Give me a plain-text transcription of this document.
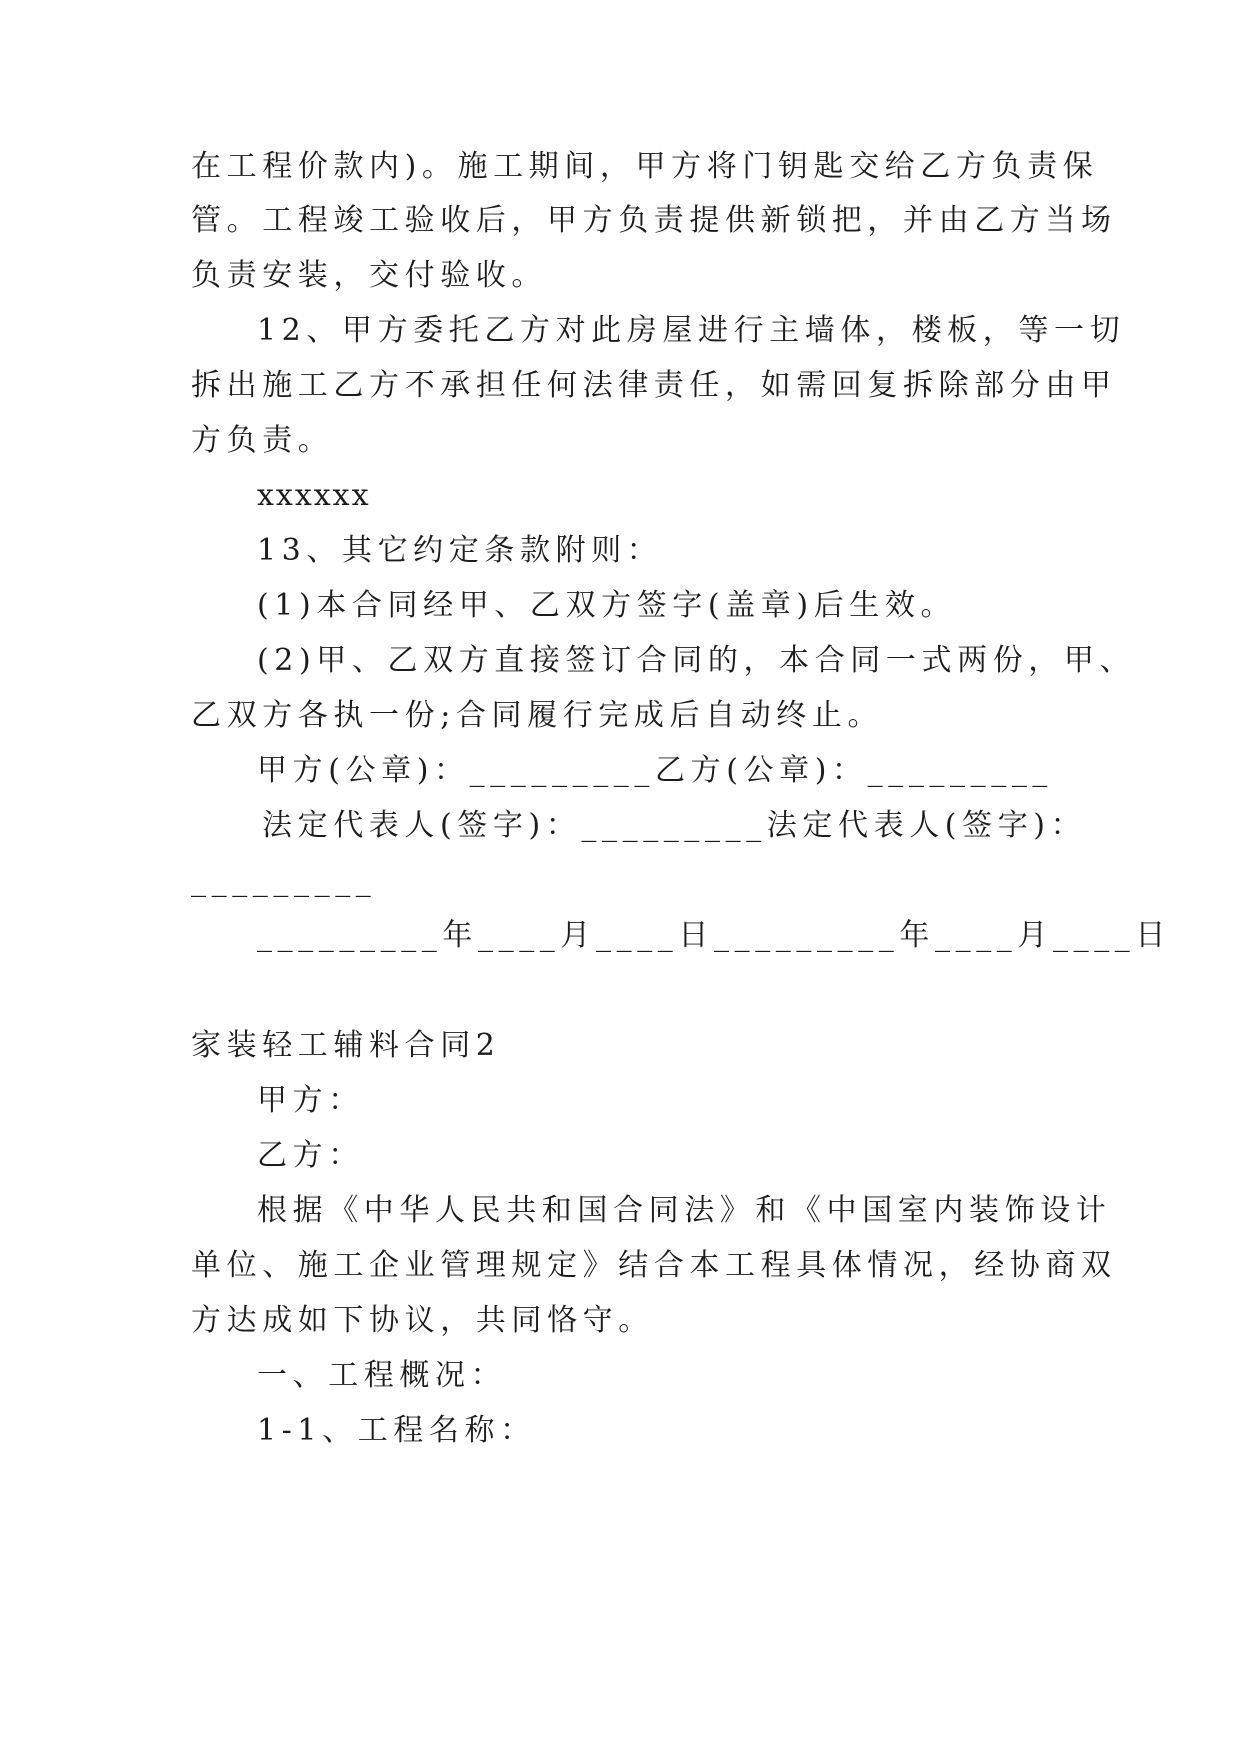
在工程价款内)。施工期间，甲方将门钥匙交给乙方负责保

管。工程竣工验收后，甲方负责提供新锁把，并由乙方当场

负责安装，交付验收。

12、甲方委托乙方对此房屋进行主墙体，楼板，等一切

拆出施工乙方不承担任何法律责任，如需回复拆除部分由甲

方负责。

xxxxxx

13、其它约定条款附则：

(1)本合同经甲、乙双方签字(盖章)后生效。

(2)甲、乙双方直接签订合同的，本合同一式两份，甲、

乙双方各执一份;合同履行完成后自动终止。

甲方(公章)：_________乙方(公章)：_________

法定代表人(签字)：_________法定代表人(签字)：

_________

_________年____月____日_________年____月____日

家装轻工辅料合同2

甲方：

乙方：

根据《中华人民共和国合同法》和《中国室内装饰设计

单位、施工企业管理规定》结合本工程具体情况，经协商双

方达成如下协议，共同恪守。

一、工程概况：

1-1、工程名称：
